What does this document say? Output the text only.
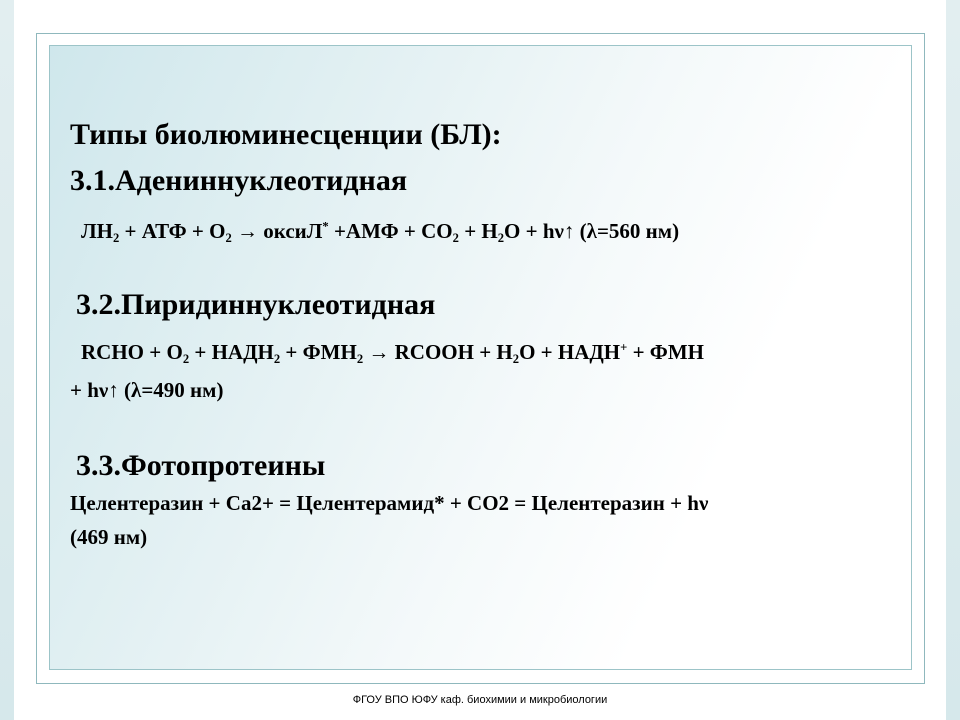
Типы биолюминесценции (БЛ):
3.1.Адениннуклеотидная
$ЛН_2$ + АТФ + $О_2$ → оксиЛ* $+АМФ + СО_2 + Н_2О$ + hν↑ (λ=560 нм)
3.2.Пиридиннуклеотидная
RCHO + $O_2$ + $НАДН_2 + ФМН_2$ → RCOOH + $H_2O$ + НАДН+ + ФМН
+ hν↑ (λ=490 нм)
3.3.Фотопротеины
Целентеразин + Ca2+ = Целентерамид* + CO2 = Целентеразин + hν
(469 нм)
ФГОУ ВПО ЮФУ каф. биохимии и микробиологии
